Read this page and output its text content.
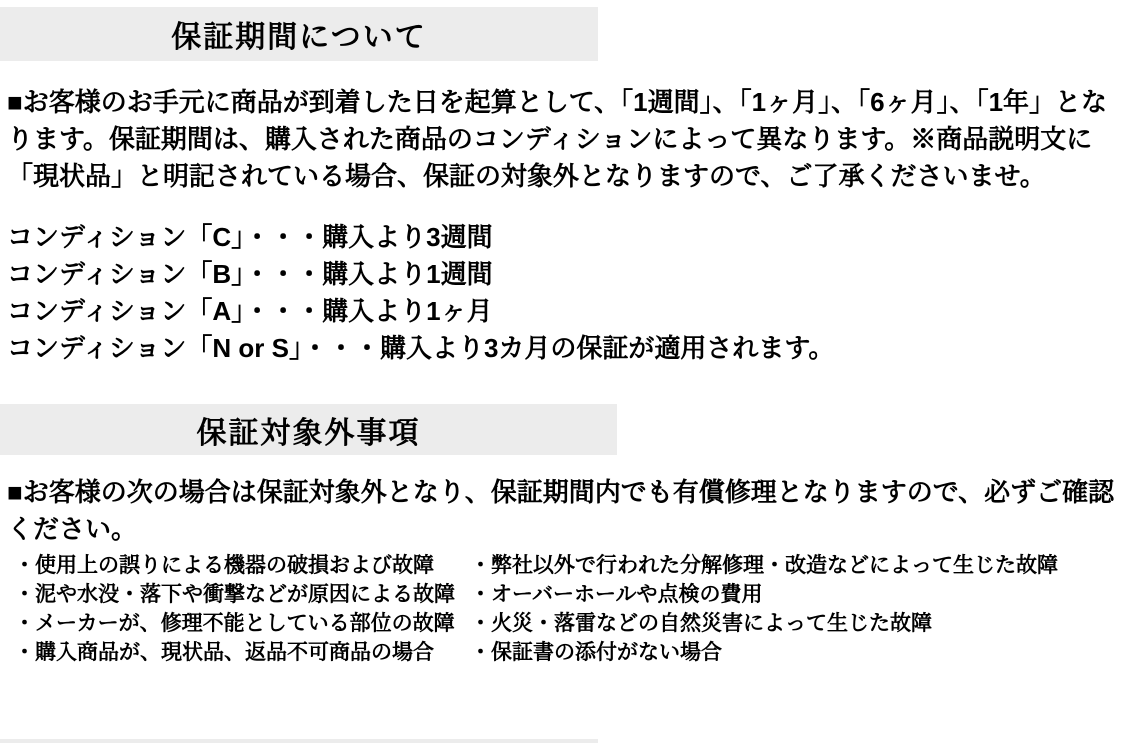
保証期間について
■お客様のお手元に商品が到着した日を起算として、「1週間」、「1ヶ月」、「6ヶ月」、「1年」となります。保証期間は、購入された商品のコンディションによって異なります。※商品説明文に「現状品」と明記されている場合、保証の対象外となりますので、ご了承くださいませ。
コンディション「C」・・・購入より3週間
コンディション「B」・・・購入より1週間
コンディション「A」・・・購入より1ヶ月
コンディション「N or S」・・・購入より3カ月の保証が適用されます。
保証対象外事項
■お客様の次の場合は保証対象外となり、保証期間内でも有償修理となりますので、必ずご確認ください。
・使用上の誤りによる機器の破損および故障
・泥や水没・落下や衝撃などが原因による故障
・メーカーが、修理不能としている部位の故障
・購入商品が、現状品、返品不可商品の場合
・弊社以外で行われた分解修理・改造などによって生じた故障
・オーバーホールや点検の費用
・火災・落雷などの自然災害によって生じた故障
・保証書の添付がない場合
